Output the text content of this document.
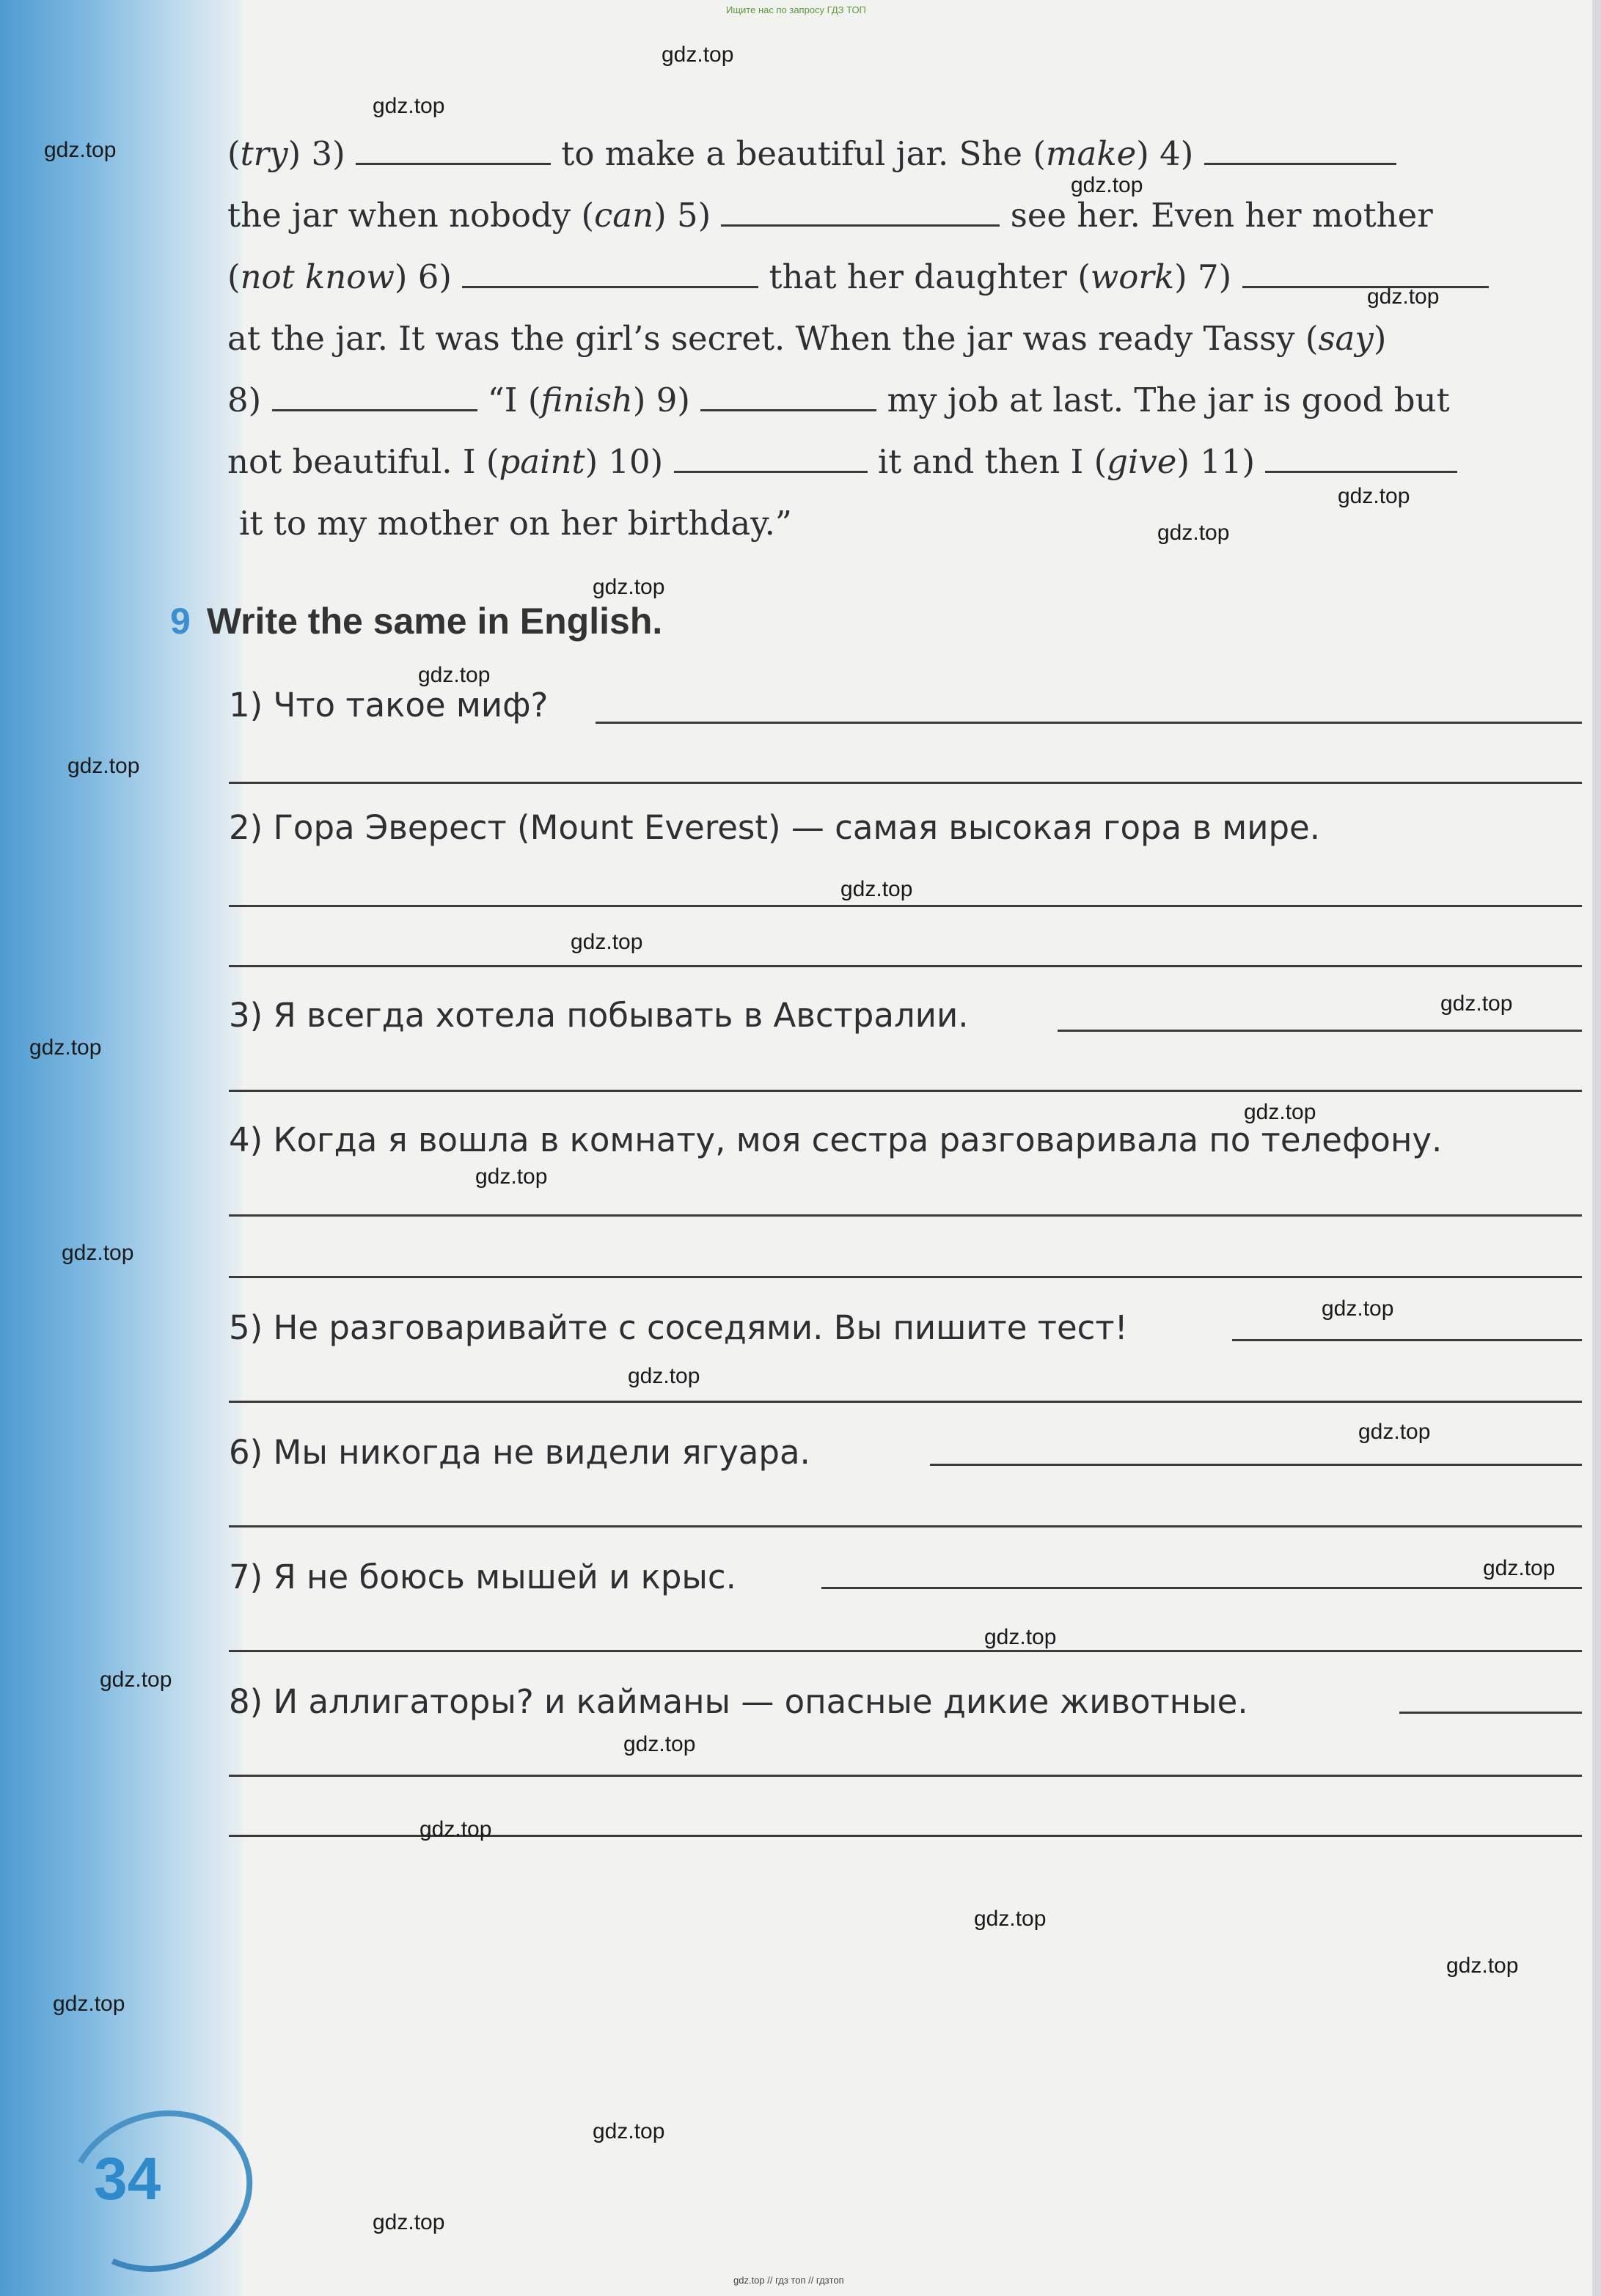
Ищите нас по запросу ГДЗ ТОП
(try) 3)	to make a beautiful jar. She (make) 4)
the jar when nobody (can) 5)	see her. Even her mother
(not know) 6)	that her daughter (work) 7)
at the jar. It was the girl’s secret. When the jar was ready Tassy (say)
8)	“I (finish) 9)	my job at last. The jar is good but
not beautiful. I (paint) 10)	it and then I (give) 11)
it to my mother on her birthday.”
9 Write the same in English.
1) Что такое миф?
2) Гора Эверест (Mount Everest) — самая высокая гора в мире.
3) Я всегда хотела побывать в Австралии.
4) Когда я вошла в комнату, моя сестра разговаривала по телефону.
5) Не разговаривайте с соседями. Вы пишите тест!
6) Мы никогда не видели ягуара.
7) Я не боюсь мышей и крыс.
8) И аллигаторы? и кайманы — опасные дикие животные.
34
gdz.top
gdz.top
gdz.top
gdz.top
gdz.top
gdz.top
gdz.top
gdz.top
gdz.top
gdz.top
gdz.top
gdz.top
gdz.top
gdz.top
gdz.top
gdz.top
gdz.top
gdz.top
gdz.top
gdz.top
gdz.top
gdz.top
gdz.top
gdz.top
gdz.top
gdz.top
gdz.top
gdz.top
gdz.top
gdz.top
gdz.top // гдз топ // гдзтоп
